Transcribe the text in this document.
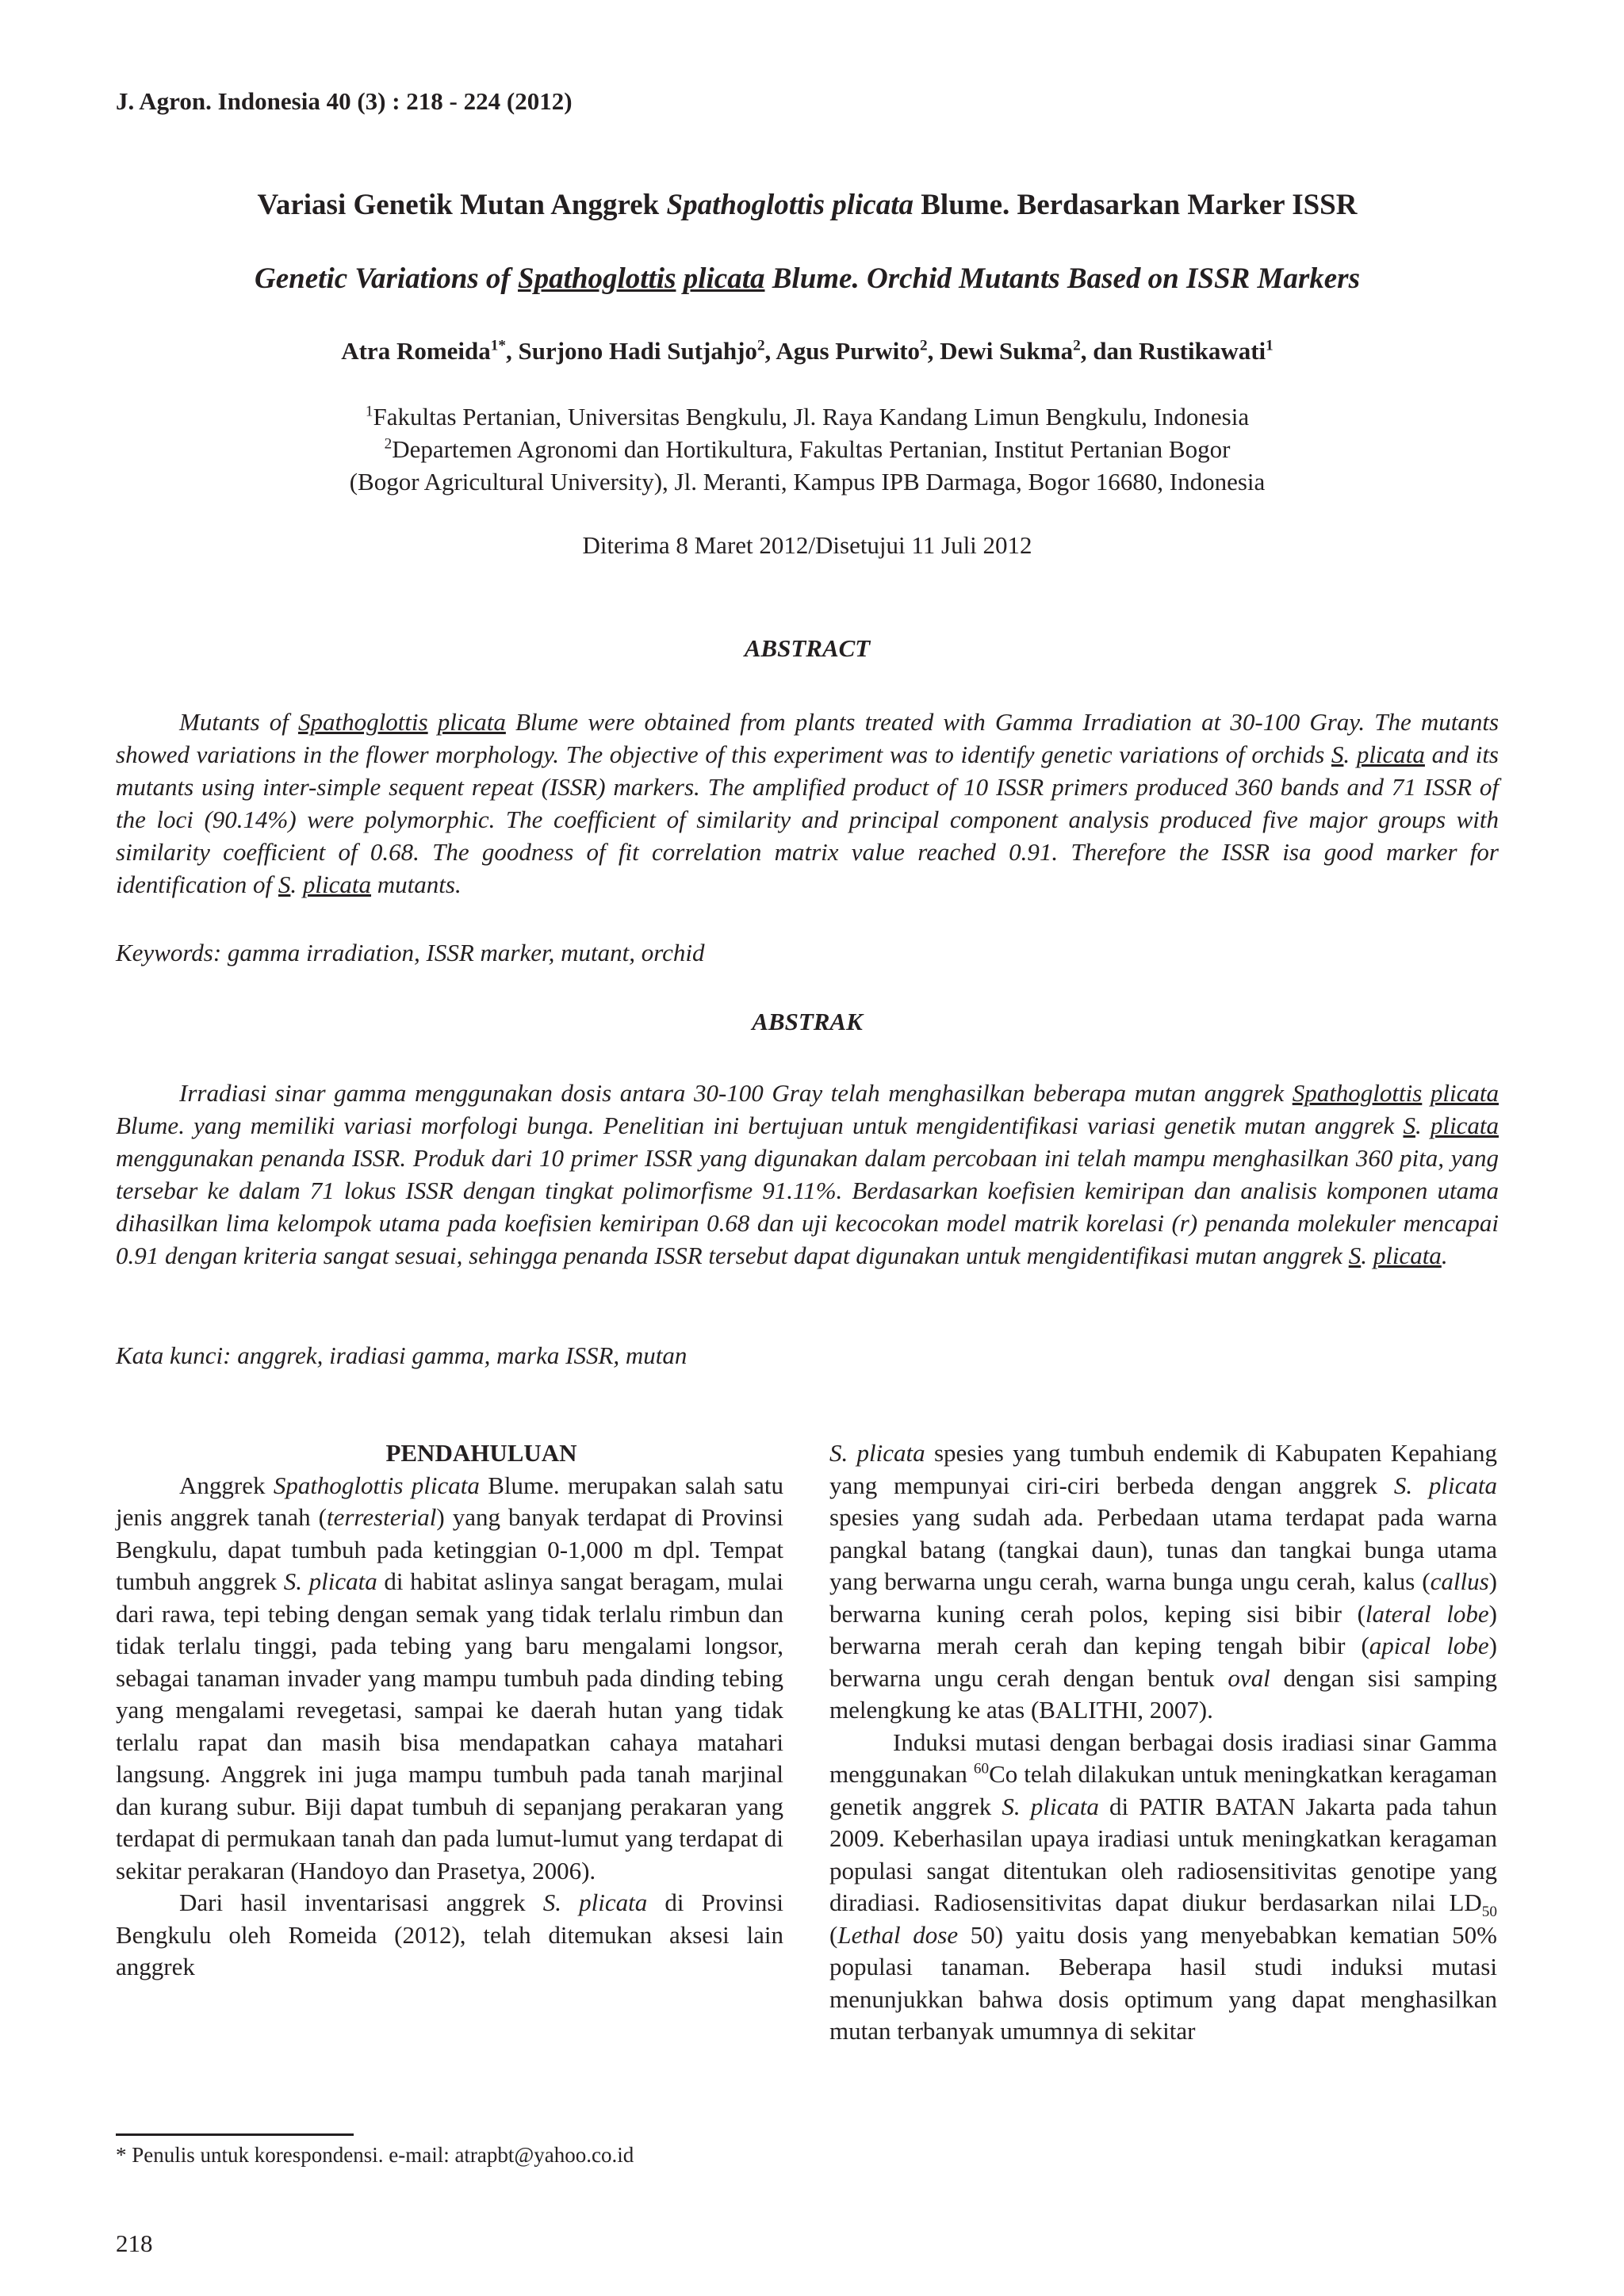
J. Agron. Indonesia 40 (3) : 218 - 224 (2012)
Variasi Genetik Mutan Anggrek Spathoglottis plicata Blume. Berdasarkan Marker ISSR
Genetic Variations of Spathoglottis plicata Blume. Orchid Mutants Based on ISSR Markers
Atra Romeida$^{1*}$, Surjono Hadi Sutjahjo$^2$, Agus Purwito$^2$, Dewi Sukma$^2$, dan Rustikawati$^1$
$^1$Fakultas Pertanian, Universitas Bengkulu, Jl. Raya Kandang Limun Bengkulu, Indonesia
$^2$Departemen Agronomi dan Hortikultura, Fakultas Pertanian, Institut Pertanian Bogor
(Bogor Agricultural University), Jl. Meranti, Kampus IPB Darmaga, Bogor 16680, Indonesia
Diterima 8 Maret 2012/Disetujui 11 Juli 2012
ABSTRACT

Mutants of Spathoglottis plicata Blume were obtained from plants treated with Gamma Irradiation at 30-100 Gray. The mutants showed variations in the flower morphology. The objective of this experiment was to identify genetic variations of orchids S. plicata and its mutants using inter-simple sequent repeat (ISSR) markers. The amplified product of 10 ISSR primers produced 360 bands and 71 ISSR of the loci (90.14%) were polymorphic. The coefficient of similarity and principal component analysis produced five major groups with similarity coefficient of 0.68. The goodness of fit correlation matrix value reached 0.91. Therefore the ISSR isa good marker for identification of S. plicata mutants.

Keywords: gamma irradiation, ISSR marker, mutant, orchid
ABSTRAK

Irradiasi sinar gamma menggunakan dosis antara 30-100 Gray telah menghasilkan beberapa mutan anggrek Spathoglottis plicata Blume. yang memiliki variasi morfologi bunga. Penelitian ini bertujuan untuk mengidentifikasi variasi genetik mutan anggrek S. plicata menggunakan penanda ISSR. Produk dari 10 primer ISSR yang digunakan dalam percobaan ini telah mampu menghasilkan 360 pita, yang tersebar ke dalam 71 lokus ISSR dengan tingkat polimorfisme 91.11%. Berdasarkan koefisien kemiripan dan analisis komponen utama dihasilkan lima kelompok utama pada koefisien kemiripan 0.68 dan uji kecocokan model matrik korelasi (r) penanda molekuler mencapai 0.91 dengan kriteria sangat sesuai, sehingga penanda ISSR tersebut dapat digunakan untuk mengidentifikasi mutan anggrek S. plicata.

Kata kunci: anggrek, iradiasi gamma, marka ISSR, mutan

PENDAHULUAN

Anggrek Spathoglottis plicata Blume. merupakan salah satu jenis anggrek tanah (terresterial) yang banyak terdapat di Provinsi Bengkulu, dapat tumbuh pada ketinggian 0-1,000 m dpl. Tempat tumbuh anggrek S. plicata di habitat aslinya sangat beragam, mulai dari rawa, tepi tebing dengan semak yang tidak terlalu rimbun dan tidak terlalu tinggi, pada tebing yang baru mengalami longsor, sebagai tanaman invader yang mampu tumbuh pada dinding tebing yang mengalami revegetasi, sampai ke daerah hutan yang tidak terlalu rapat dan masih bisa mendapatkan cahaya matahari langsung. Anggrek ini juga mampu tumbuh pada tanah marjinal dan kurang subur. Biji dapat tumbuh di sepanjang perakaran yang terdapat di permukaan tanah dan pada lumut-lumut yang terdapat di sekitar perakaran (Handoyo dan Prasetya, 2006).

Dari hasil inventarisasi anggrek S. plicata di Provinsi Bengkulu oleh Romeida (2012), telah ditemukan aksesi lain anggrek

S. plicata spesies yang tumbuh endemik di Kabupaten Kepahiang yang mempunyai ciri-ciri berbeda dengan anggrek S. plicata spesies yang sudah ada. Perbedaan utama terdapat pada warna pangkal batang (tangkai daun), tunas dan tangkai bunga utama yang berwarna ungu cerah, warna bunga ungu cerah, kalus (callus) berwarna kuning cerah polos, keping sisi bibir (lateral lobe) berwarna merah cerah dan keping tengah bibir (apical lobe) berwarna ungu cerah dengan bentuk oval dengan sisi samping melengkung ke atas (BALITHI, 2007).

Induksi mutasi dengan berbagai dosis iradiasi sinar Gamma menggunakan $^{60}$Co telah dilakukan untuk meningkatkan keragaman genetik anggrek S. plicata di PATIR BATAN Jakarta pada tahun 2009. Keberhasilan upaya iradiasi untuk meningkatkan keragaman populasi sangat ditentukan oleh radiosensitivitas genotipe yang diradiasi. Radiosensitivitas dapat diukur berdasarkan nilai $LD_{50}$ (Lethal dose 50) yaitu dosis yang menyebabkan kematian 50% populasi tanaman. Beberapa hasil studi induksi mutasi menunjukkan bahwa dosis optimum yang dapat menghasilkan mutan terbanyak umumnya di sekitar

* Penulis untuk korespondensi. e-mail: atrapbt@yahoo.co.id
218
